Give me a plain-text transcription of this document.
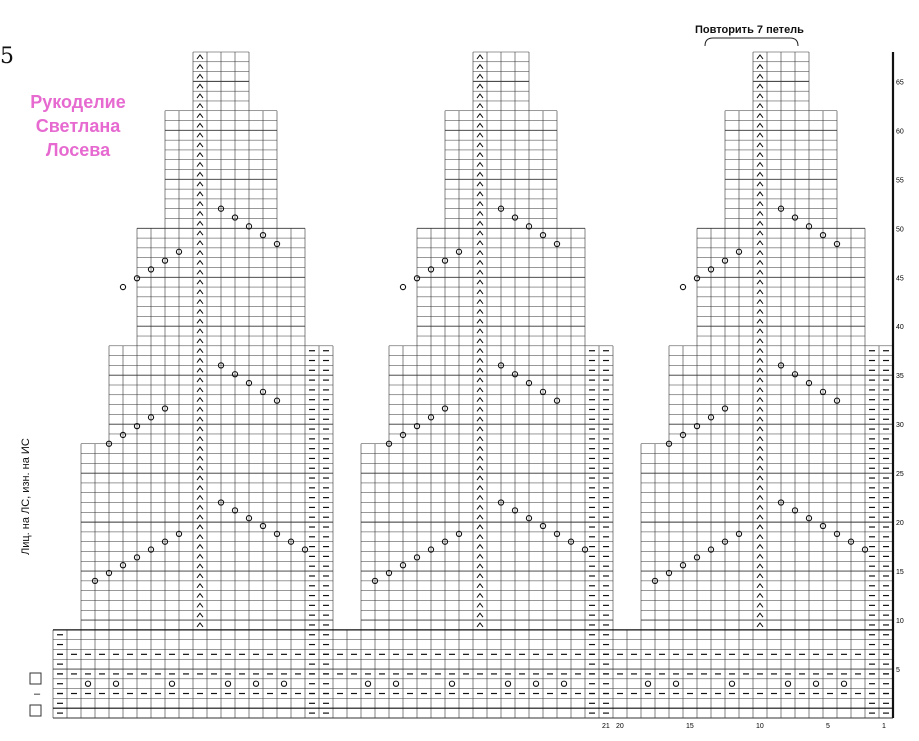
5
Рукоделие
Светлана
Лосева
Повторить 7 петель
5
10
15
20
25
30
35
40
45
50
55
60
65
1
5
10
15
20
21
–
Лиц. на ЛС, изн. на ИС
